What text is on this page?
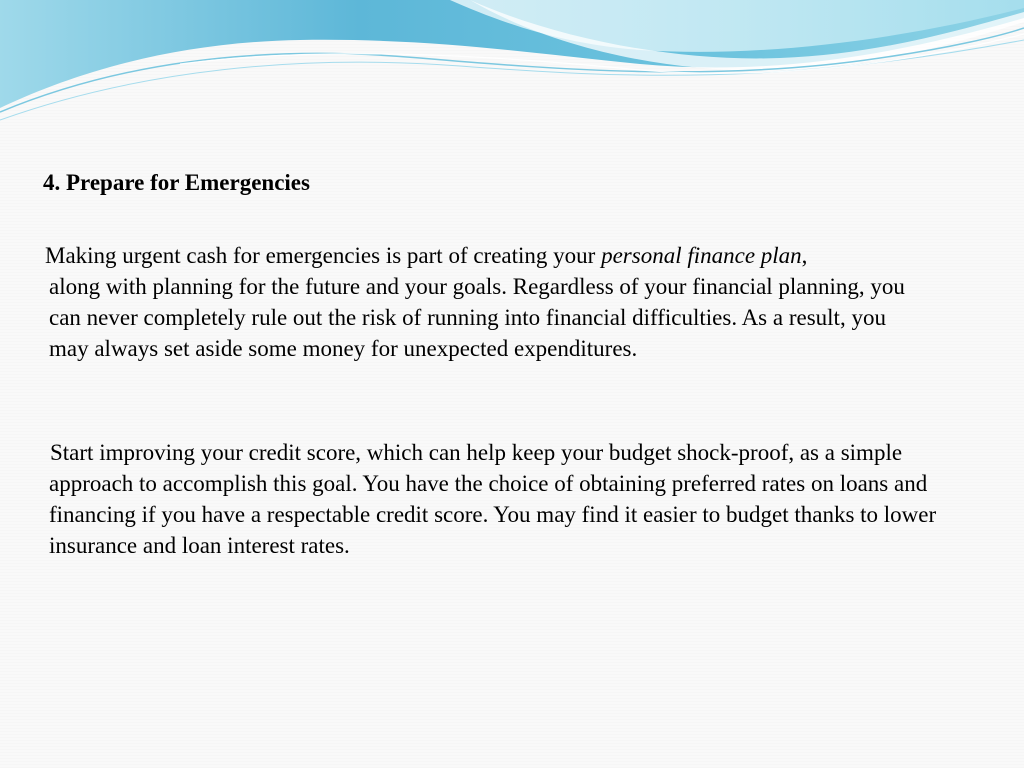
4. Prepare for Emergencies
Making urgent cash for emergencies is part of creating your personal finance plan,
along with planning for the future and your goals. Regardless of your financial planning, you can never completely rule out the risk of running into financial difficulties. As a result, you may always set aside some money for unexpected expenditures.
Start improving your credit score, which can help keep your budget shock-proof, as a simple approach to accomplish this goal. You have the choice of obtaining preferred rates on loans and financing if you have a respectable credit score. You may find it easier to budget thanks to lower insurance and loan interest rates.
